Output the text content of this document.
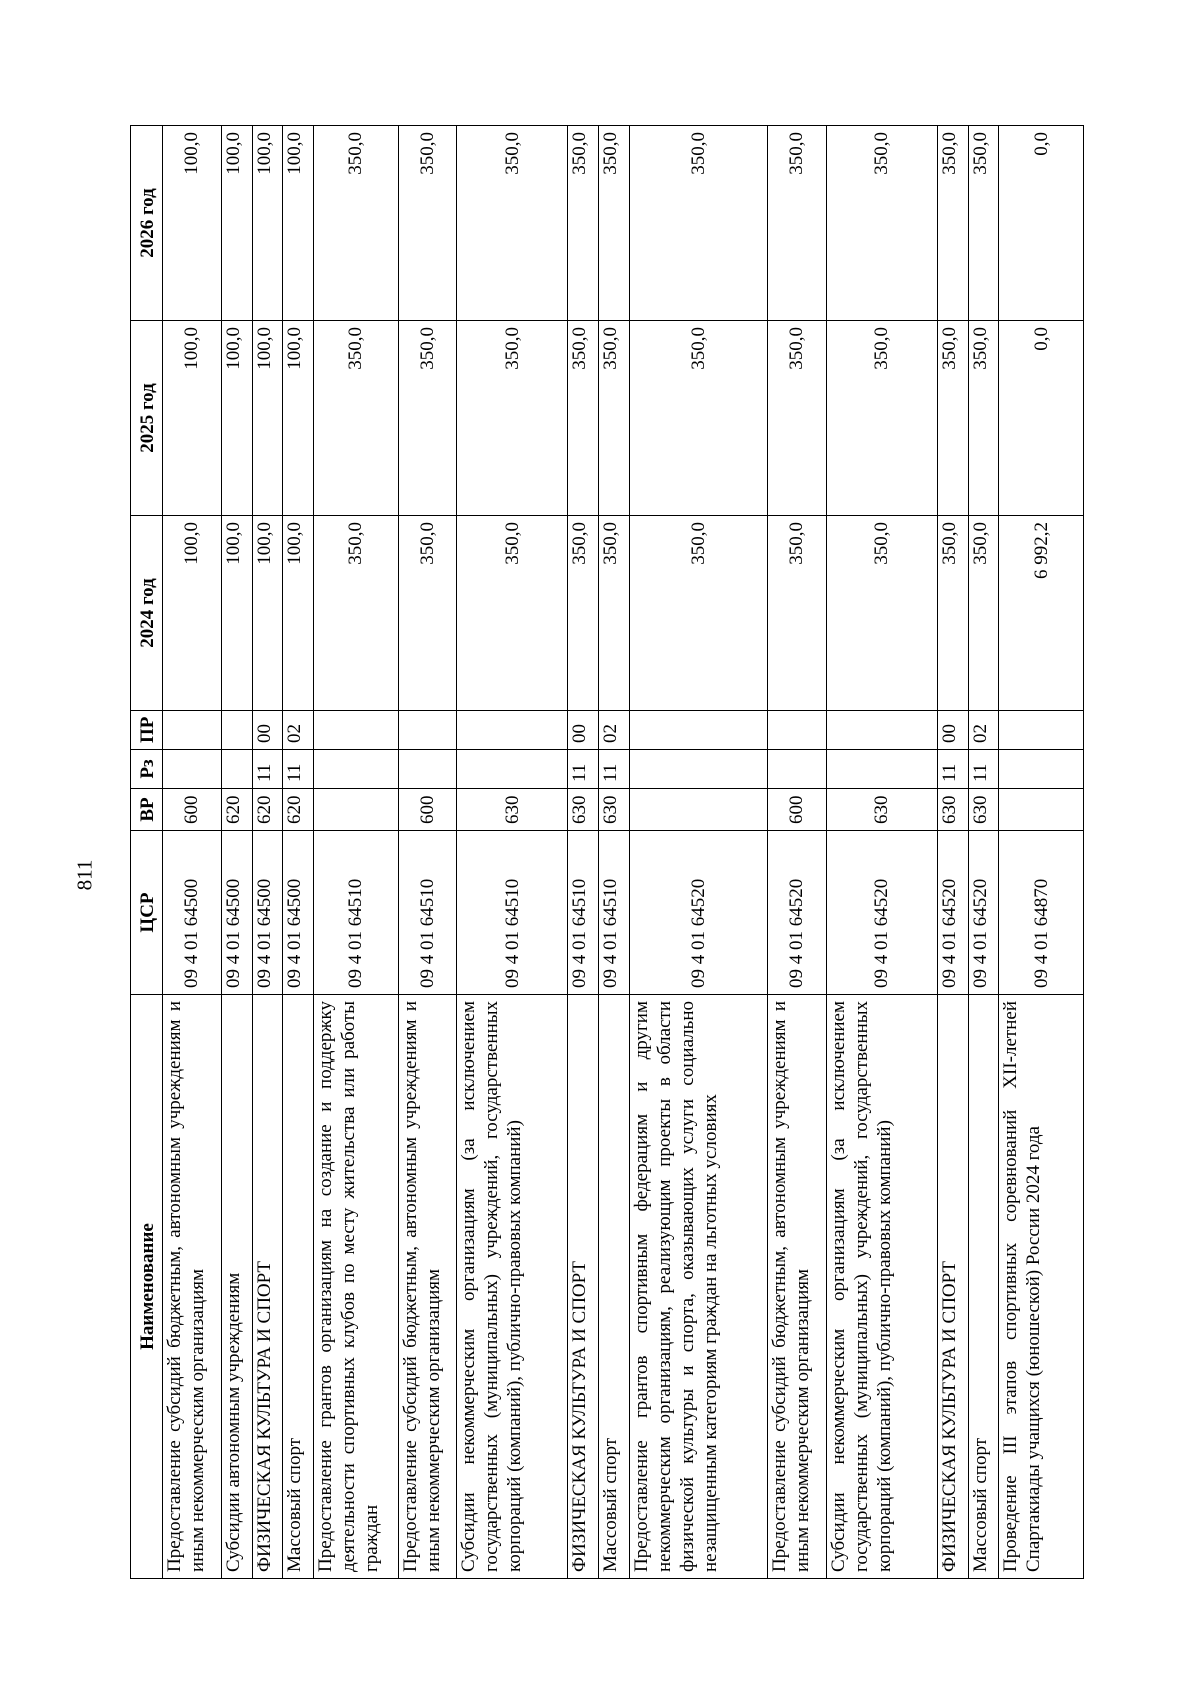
811
Наименование	ЦСР	ВР	Рз	ПР	2024 год	2025 год	2026 год
Предоставление субсидий бюджетным, автономным учреждениям и иным некоммерческим организациям	09 4 01 64500	600			100,0	100,0	100,0
Субсидии автономным учреждениям	09 4 01 64500	620			100,0	100,0	100,0
ФИЗИЧЕСКАЯ КУЛЬТУРА И СПОРТ	09 4 01 64500	620	11	00	100,0	100,0	100,0
Массовый спорт	09 4 01 64500	620	11	02	100,0	100,0	100,0
Предоставление грантов организациям на создание и поддержку деятельности спортивных клубов по месту жительства или работы граждан	09 4 01 64510				350,0	350,0	350,0
Предоставление субсидий бюджетным, автономным учреждениям и иным некоммерческим организациям	09 4 01 64510	600			350,0	350,0	350,0
Субсидии некоммерческим организациям (за исключением государственных (муниципальных) учреждений, государственных корпораций (компаний), публично-правовых компаний)	09 4 01 64510	630			350,0	350,0	350,0
ФИЗИЧЕСКАЯ КУЛЬТУРА И СПОРТ	09 4 01 64510	630	11	00	350,0	350,0	350,0
Массовый спорт	09 4 01 64510	630	11	02	350,0	350,0	350,0
Предоставление грантов спортивным федерациям и другим некоммерческим организациям, реализующим проекты в области физической культуры и спорта, оказывающих услуги социально незащищенным категориям граждан на льготных условиях	09 4 01 64520				350,0	350,0	350,0
Предоставление субсидий бюджетным, автономным учреждениям и иным некоммерческим организациям	09 4 01 64520	600			350,0	350,0	350,0
Субсидии некоммерческим организациям (за исключением государственных (муниципальных) учреждений, государственных корпораций (компаний), публично-правовых компаний)	09 4 01 64520	630			350,0	350,0	350,0
ФИЗИЧЕСКАЯ КУЛЬТУРА И СПОРТ	09 4 01 64520	630	11	00	350,0	350,0	350,0
Массовый спорт	09 4 01 64520	630	11	02	350,0	350,0	350,0
Проведение III этапов спортивных соревнований XII-летней Спартакиады учащихся (юношеской) России 2024 года	09 4 01 64870				6 992,2	0,0	0,0
